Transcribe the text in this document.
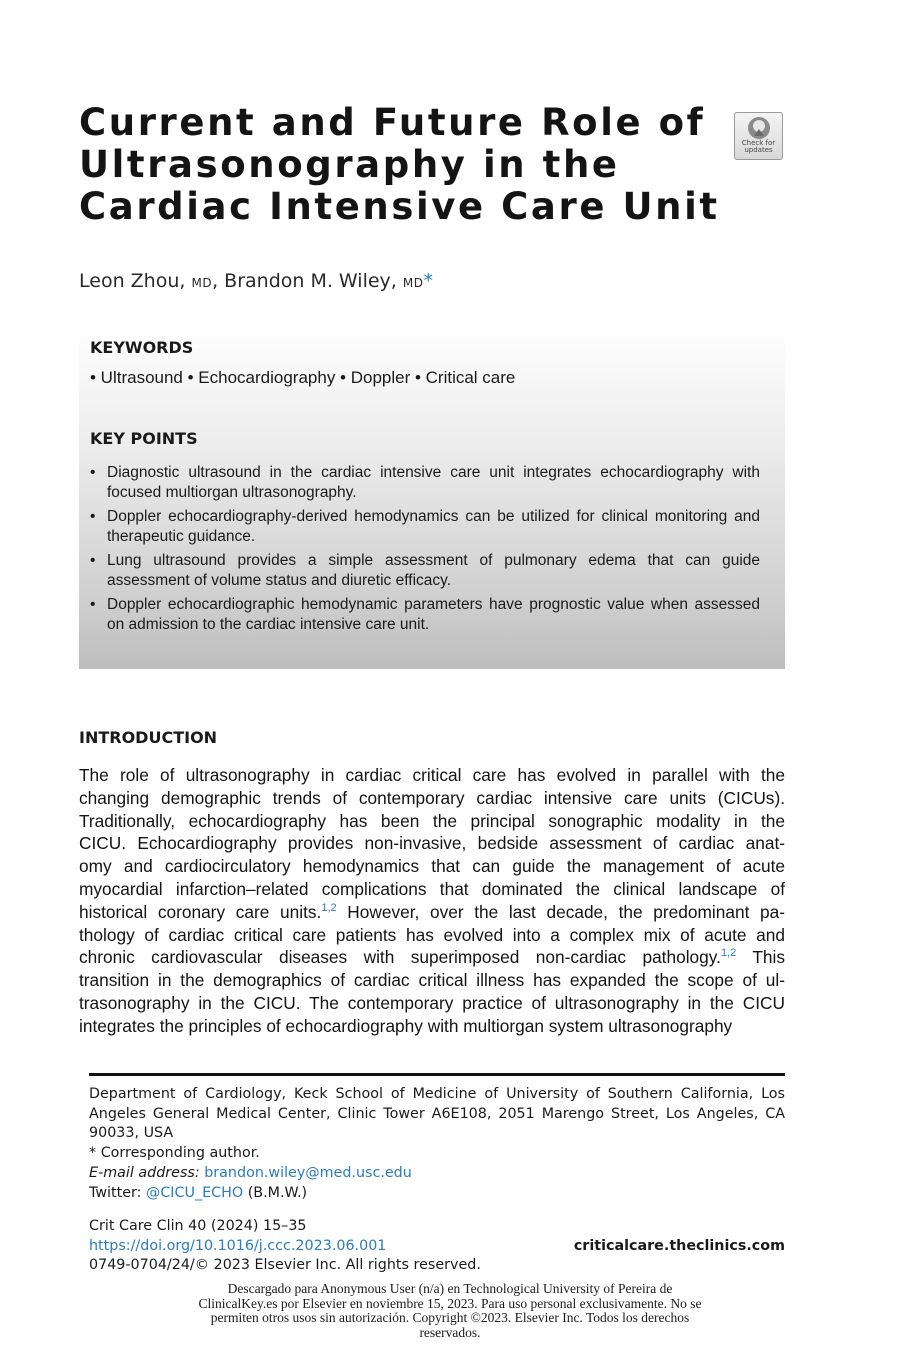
Current and Future Role of
Ultrasonography in the
Cardiac Intensive Care Unit
Check for
updates
Leon Zhou, MD, Brandon M. Wiley, MD*
KEYWORDS
• Ultrasound • Echocardiography • Doppler • Critical care
KEY POINTS
• Diagnostic ultrasound in the cardiac intensive care unit integrates echocardiography with focused multiorgan ultrasonography.
• Doppler echocardiography-derived hemodynamics can be utilized for clinical monitoring and therapeutic guidance.
• Lung ultrasound provides a simple assessment of pulmonary edema that can guide assessment of volume status and diuretic efficacy.
• Doppler echocardiographic hemodynamic parameters have prognostic value when assessed on admission to the cardiac intensive care unit.
INTRODUCTION
The role of ultrasonography in cardiac critical care has evolved in parallel with the
changing demographic trends of contemporary cardiac intensive care units (CICUs).
Traditionally, echocardiography has been the principal sonographic modality in the
CICU. Echocardiography provides non-invasive, bedside assessment of cardiac anat-
omy and cardiocirculatory hemodynamics that can guide the management of acute
myocardial infarction–related complications that dominated the clinical landscape of
historical coronary care units.$^{1,2}$ However, over the last decade, the predominant pa-
thology of cardiac critical care patients has evolved into a complex mix of acute and
chronic cardiovascular diseases with superimposed non-cardiac pathology.$^{1,2}$ This
transition in the demographics of cardiac critical illness has expanded the scope of ul-
trasonography in the CICU. The contemporary practice of ultrasonography in the CICU
integrates the principles of echocardiography with multiorgan system ultrasonography
Department of Cardiology, Keck School of Medicine of University of Southern California, Los
Angeles General Medical Center, Clinic Tower A6E108, 2051 Marengo Street, Los Angeles, CA
90033, USA
* Corresponding author.
E-mail address: brandon.wiley@med.usc.edu
Twitter: @CICU_ECHO (B.M.W.)
Crit Care Clin 40 (2024) 15–35
https://doi.org/10.1016/j.ccc.2023.06.001
0749-0704/24/© 2023 Elsevier Inc. All rights reserved.
criticalcare.theclinics.com
Descargado para Anonymous User (n/a) en Technological University of Pereira de
ClinicalKey.es por Elsevier en noviembre 15, 2023. Para uso personal exclusivamente. No se
permiten otros usos sin autorización. Copyright ©2023. Elsevier Inc. Todos los derechos
reservados.
